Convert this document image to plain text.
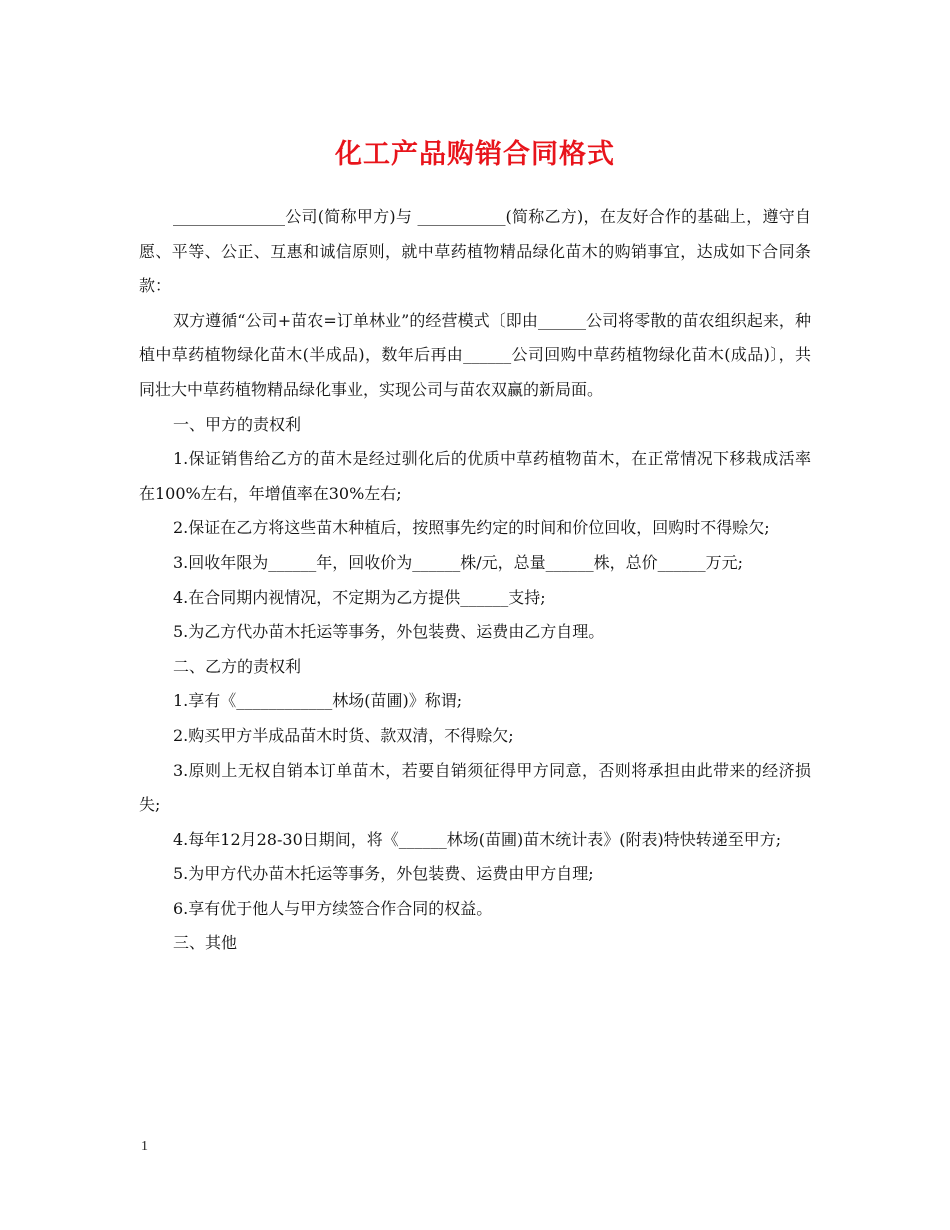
化工产品购销合同格式

______________公司(简称甲方)与 ___________(简称乙方)，在友好合作的基础上，遵守自愿、平等、公正、互惠和诚信原则，就中草药植物精品绿化苗木的购销事宜，达成如下合同条款：

双方遵循“公司+苗农=订单林业”的经营模式〔即由______公司将零散的苗农组织起来，种植中草药植物绿化苗木(半成品)，数年后再由______公司回购中草药植物绿化苗木(成品)〕，共同壮大中草药植物精品绿化事业，实现公司与苗农双赢的新局面。

一、甲方的责权利

1.保证销售给乙方的苗木是经过驯化后的优质中草药植物苗木，在正常情况下移栽成活率在100%左右，年增值率在30%左右;

2.保证在乙方将这些苗木种植后，按照事先约定的时间和价位回收，回购时不得赊欠;

3.回收年限为______年，回收价为______株/元，总量______株，总价______万元;

4.在合同期内视情况，不定期为乙方提供______支持;

5.为乙方代办苗木托运等事务，外包装费、运费由乙方自理。

二、乙方的责权利

1.享有《____________林场(苗圃)》称谓;

2.购买甲方半成品苗木时货、款双清，不得赊欠;

3.原则上无权自销本订单苗木，若要自销须征得甲方同意，否则将承担由此带来的经济损失;

4.每年12月28-30日期间，将《______林场(苗圃)苗木统计表》(附表)特快转递至甲方;

5.为甲方代办苗木托运等事务，外包装费、运费由甲方自理;

6.享有优于他人与甲方续签合作合同的权益。

三、其他

1
